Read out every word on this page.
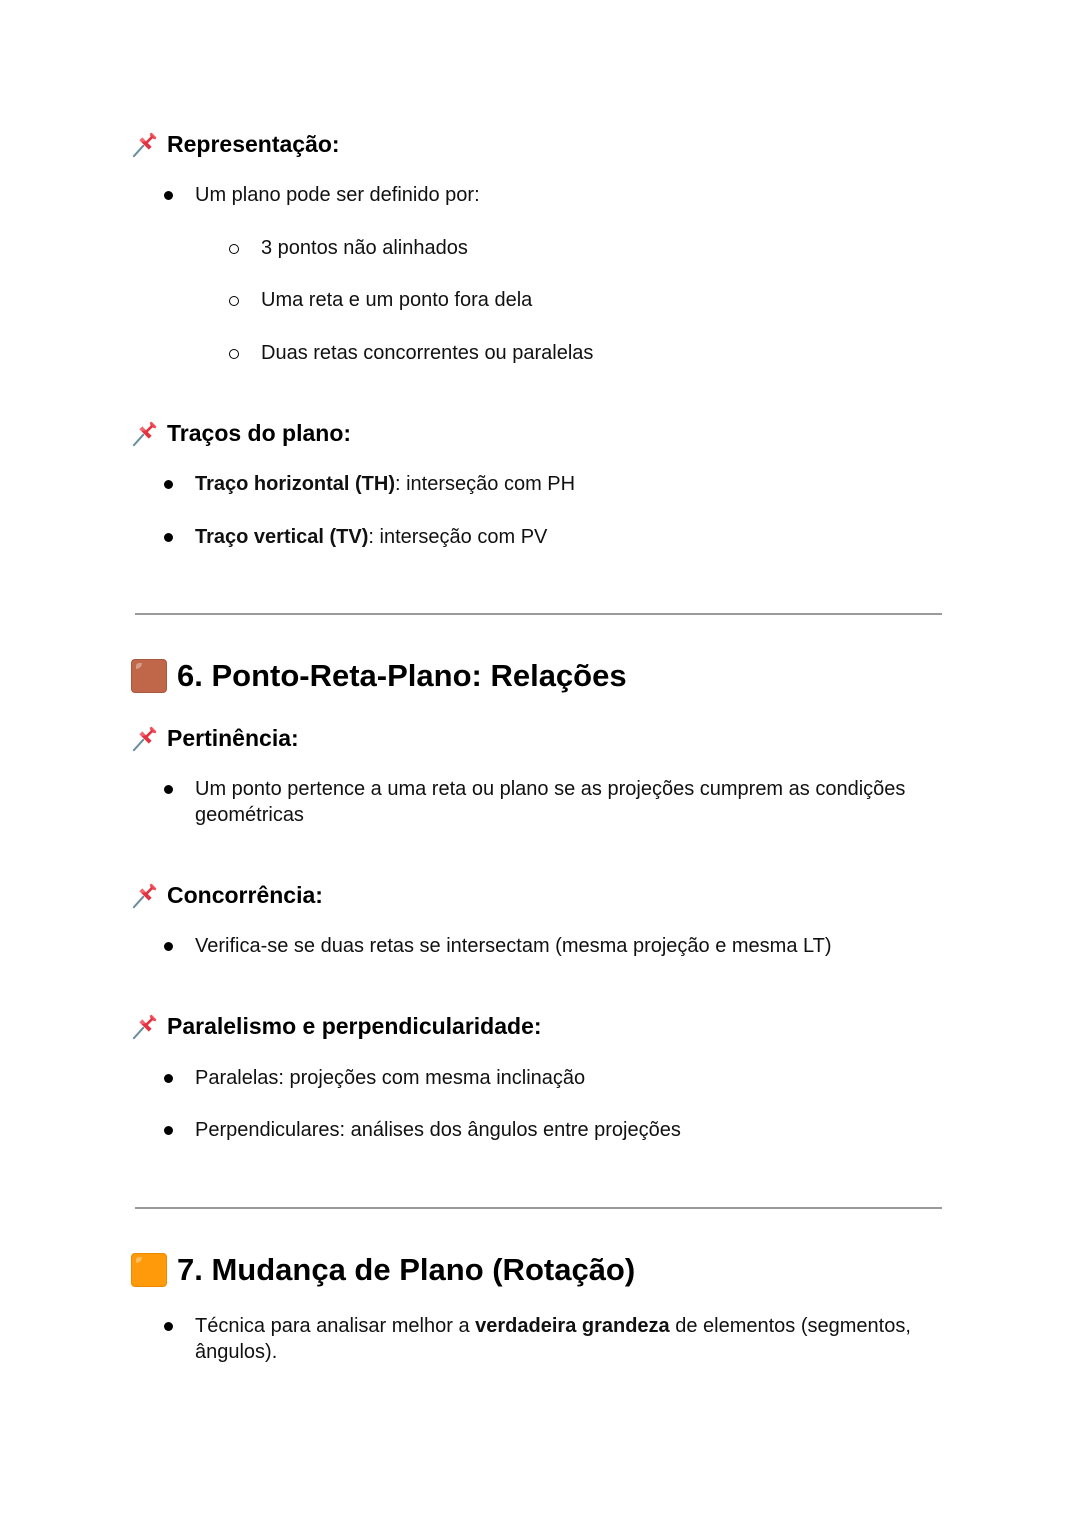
Representação:
Um plano pode ser definido por:
3 pontos não alinhados
Uma reta e um ponto fora dela
Duas retas concorrentes ou paralelas
Traços do plano:
Traço horizontal (TH): interseção com PH
Traço vertical (TV): interseção com PV
6. Ponto-Reta-Plano: Relações
Pertinência:
Um ponto pertence a uma reta ou plano se as projeções cumprem as condições geométricas
Concorrência:
Verifica-se se duas retas se intersectam (mesma projeção e mesma LT)
Paralelismo e perpendicularidade:
Paralelas: projeções com mesma inclinação
Perpendiculares: análises dos ângulos entre projeções
7. Mudança de Plano (Rotação)
Técnica para analisar melhor a verdadeira grandeza de elementos (segmentos, ângulos).
